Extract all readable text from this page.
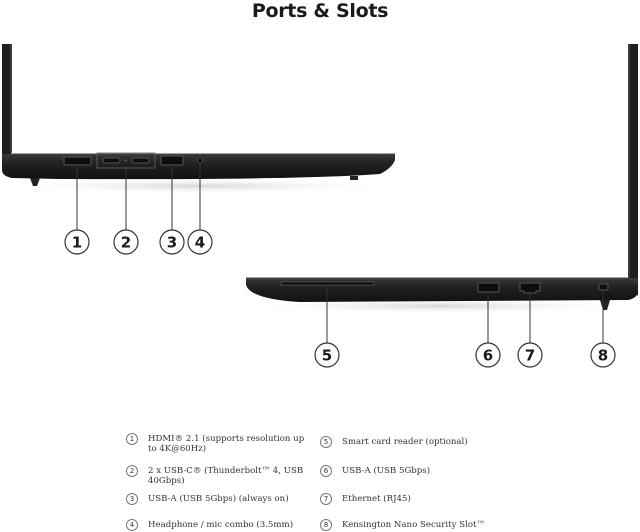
Ports & Slots
1	2 3 4
5	6 7	8
1	HDMI® 2.1 (supports resolution up to 4K@60Hz)
2	2 x USB-C® (Thunderbolt™ 4, USB 40Gbps)
3	USB-A (USB 5Gbps) (always on)
4	Headphone / mic combo (3.5mm)
5	Smart card reader (optional)
6	USB-A (USB 5Gbps)
7	Ethernet (RJ45)
8	Kensington Nano Security Slot™
